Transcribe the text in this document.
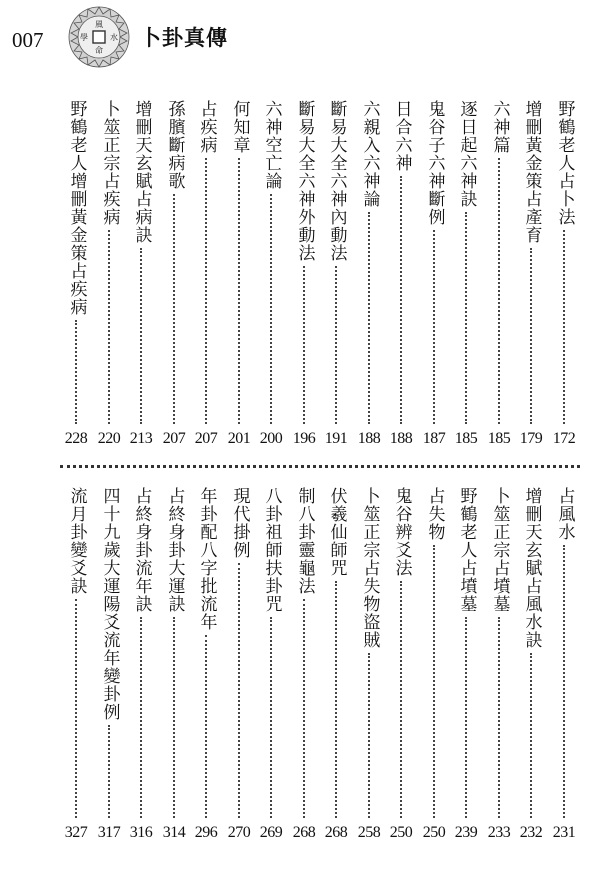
007
風
水
命
學 卜卦真傳
野鶴老人占卜法
172
增刪黃金策占產育
179
六神篇
185
逐日起六神訣
185
鬼谷子六神斷例
187
日合六神
188
六親入六神論
188
斷易大全六神內動法
191
斷易大全六神外動法
196
六神空亡論
200
何知章
201
占疾病
207
孫臏斷病歌
207
增刪天玄賦占病訣
213
卜筮正宗占疾病
220
野鶴老人增刪黃金策占疾病
228
占風水
231
增刪天玄賦占風水訣
232
卜筮正宗占墳墓
233
野鶴老人占墳墓
239
占失物
250
鬼谷辨爻法
250
卜筮正宗占失物盜賊
258
伏羲仙師咒
268
制八卦靈龜法
268
八卦祖師扶卦咒
269
現代掛例
270
年卦配八字批流年
296
占終身卦大運訣
314
占終身卦流年訣
316
四十九歲大運陽爻流年變卦例
317
流月卦變爻訣
327
